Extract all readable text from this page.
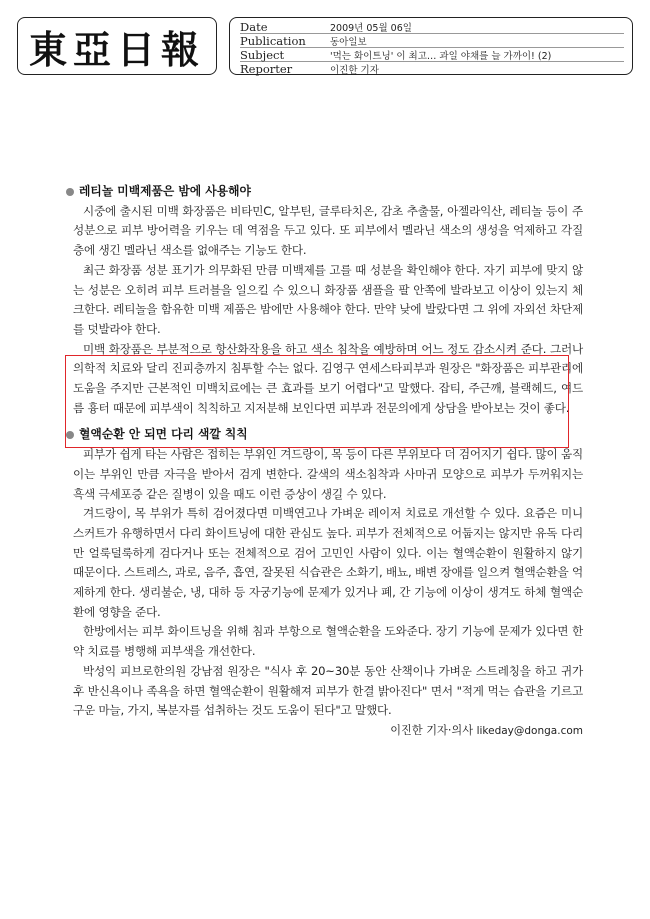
東亞日報	Date	2009년 05월 06일
Publication	동아일보
Subject	'먹는 화이트닝' 이 최고… 과일 야채를 늘 가까이! (2)
Reporter	이진한 기자
레티놀 미백제품은 밤에 사용해야

시중에 출시된 미백 화장품은 비타민C, 알부틴, 글루타치온, 감초 추출물, 아젤라익산, 레티놀 등이 주성분으로 피부 방어력을 키우는 데 역점을 두고 있다. 또 피부에서 멜라닌 색소의 생성을 억제하고 각질층에 생긴 멜라닌 색소를 없애주는 기능도 한다.

최근 화장품 성분 표기가 의무화된 만큼 미백제를 고를 때 성분을 확인해야 한다. 자기 피부에 맞지 않는 성분은 오히려 피부 트러블을 일으킬 수 있으니 화장품 샘플을 팔 안쪽에 발라보고 이상이 있는지 체크한다. 레티놀을 함유한 미백 제품은 밤에만 사용해야 한다. 만약 낮에 발랐다면 그 위에 자외선 차단제를 덧발라야 한다.

미백 화장품은 부분적으로 항산화작용을 하고 색소 침착을 예방하며 어느 정도 감소시켜 준다. 그러나 의학적 치료와 달리 진피층까지 침투할 수는 없다. 김영구 연세스타피부과 원장은 "화장품은 피부관리에 도움을 주지만 근본적인 미백치료에는 큰 효과를 보기 어렵다"고 말했다. 잡티, 주근깨, 블랙헤드, 여드름 흉터 때문에 피부색이 칙칙하고 지저분해 보인다면 피부과 전문의에게 상담을 받아보는 것이 좋다.

혈액순환 안 되면 다리 색깔 칙칙

피부가 쉽게 타는 사람은 접히는 부위인 겨드랑이, 목 등이 다른 부위보다 더 검어지기 쉽다. 많이 움직이는 부위인 만큼 자극을 받아서 검게 변한다. 갈색의 색소침착과 사마귀 모양으로 피부가 두꺼워지는 흑색 극세포증 같은 질병이 있을 때도 이런 증상이 생길 수 있다.

겨드랑이, 목 부위가 특히 검어졌다면 미백연고나 가벼운 레이저 치료로 개선할 수 있다. 요즘은 미니스커트가 유행하면서 다리 화이트닝에 대한 관심도 높다. 피부가 전체적으로 어둡지는 않지만 유독 다리만 얼룩덜룩하게 검다거나 또는 전체적으로 검어 고민인 사람이 있다. 이는 혈액순환이 원활하지 않기 때문이다. 스트레스, 과로, 음주, 흡연, 잘못된 식습관은 소화기, 배뇨, 배변 장애를 일으켜 혈액순환을 억제하게 한다. 생리불순, 냉, 대하 등 자궁기능에 문제가 있거나 폐, 간 기능에 이상이 생겨도 하체 혈액순환에 영향을 준다.

한방에서는 피부 화이트닝을 위해 침과 부항으로 혈액순환을 도와준다. 장기 기능에 문제가 있다면 한약 치료를 병행해 피부색을 개선한다.

박성익 피브로한의원 강남점 원장은 "식사 후 20~30분 동안 산책이나 가벼운 스트레칭을 하고 귀가 후 반신욕이나 족욕을 하면 혈액순환이 원활해져 피부가 한결 밝아진다" 면서 "적게 먹는 습관을 기르고 구운 마늘, 가지, 복분자를 섭취하는 것도 도움이 된다"고 말했다.

이진한 기자·의사 likeday@donga.com
